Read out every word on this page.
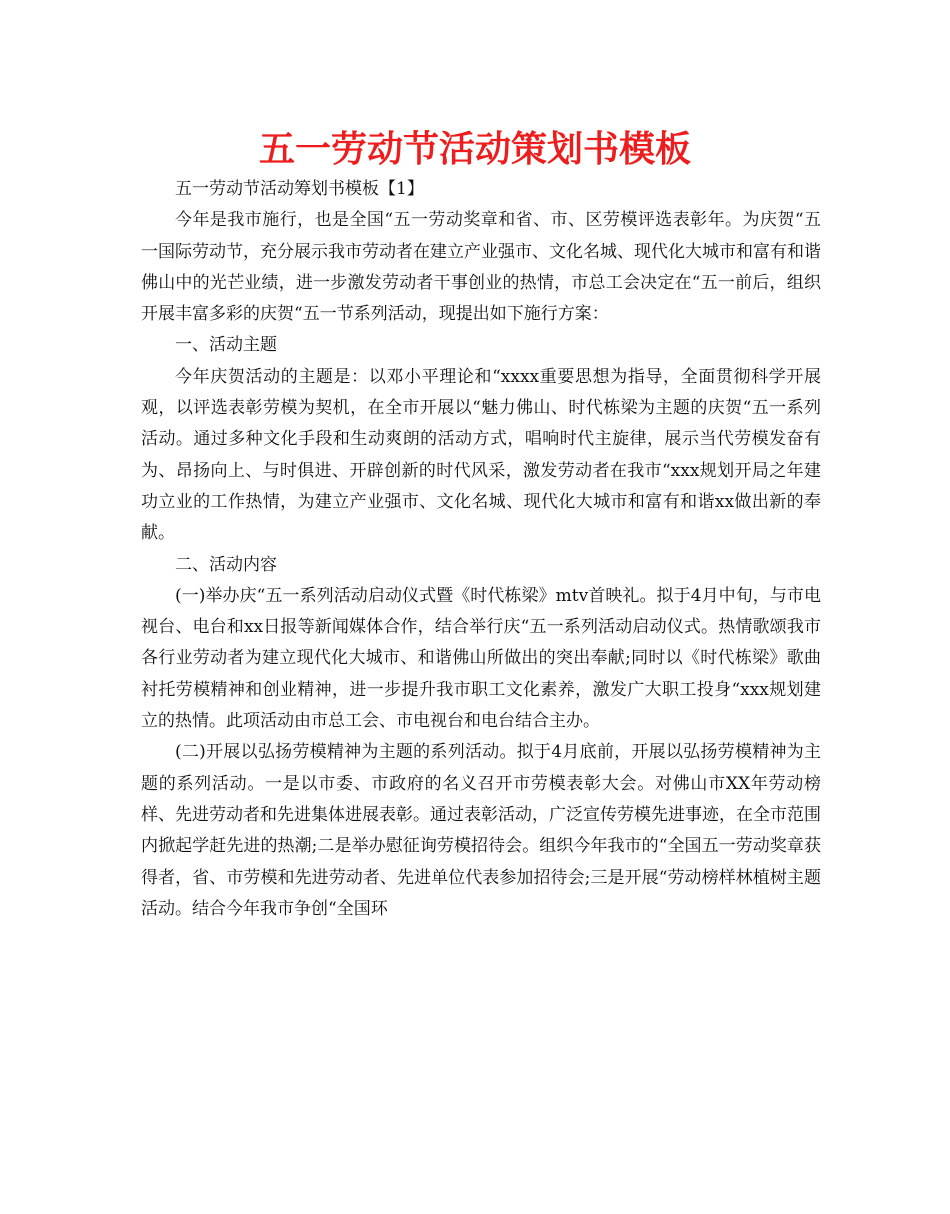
五一劳动节活动策划书模板

五一劳动节活动筹划书模板【1】

今年是我市施行，也是全国“五一劳动奖章和省、市、区劳模评选表彰年。为庆贺“五一国际劳动节，充分展示我市劳动者在建立产业强市、文化名城、现代化大城市和富有和谐佛山中的光芒业绩，进一步激发劳动者干事创业的热情，市总工会决定在“五一前后，组织开展丰富多彩的庆贺“五一节系列活动，现提出如下施行方案：

一、活动主题

今年庆贺活动的主题是：以邓小平理论和“xxxx重要思想为指导，全面贯彻科学开展观，以评选表彰劳模为契机，在全市开展以“魅力佛山、时代栋梁为主题的庆贺“五一系列活动。通过多种文化手段和生动爽朗的活动方式，唱响时代主旋律，展示当代劳模发奋有为、昂扬向上、与时俱进、开辟创新的时代风采，激发劳动者在我市“xxx规划开局之年建功立业的工作热情，为建立产业强市、文化名城、现代化大城市和富有和谐xx做出新的奉献。

二、活动内容

(一)举办庆“五一系列活动启动仪式暨《时代栋梁》mtv首映礼。拟于4月中旬，与市电视台、电台和xx日报等新闻媒体合作，结合举行庆“五一系列活动启动仪式。热情歌颂我市各行业劳动者为建立现代化大城市、和谐佛山所做出的突出奉献;同时以《时代栋梁》歌曲衬托劳模精神和创业精神，进一步提升我市职工文化素养，激发广大职工投身“xxx规划建立的热情。此项活动由市总工会、市电视台和电台结合主办。

(二)开展以弘扬劳模精神为主题的系列活动。拟于4月底前，开展以弘扬劳模精神为主题的系列活动。一是以市委、市政府的名义召开市劳模表彰大会。对佛山市XX年劳动榜样、先进劳动者和先进集体进展表彰。通过表彰活动，广泛宣传劳模先进事迹，在全市范围内掀起学赶先进的热潮;二是举办慰征询劳模招待会。组织今年我市的“全国五一劳动奖章获得者，省、市劳模和先进劳动者、先进单位代表参加招待会;三是开展“劳动榜样林植树主题活动。结合今年我市争创“全国环
